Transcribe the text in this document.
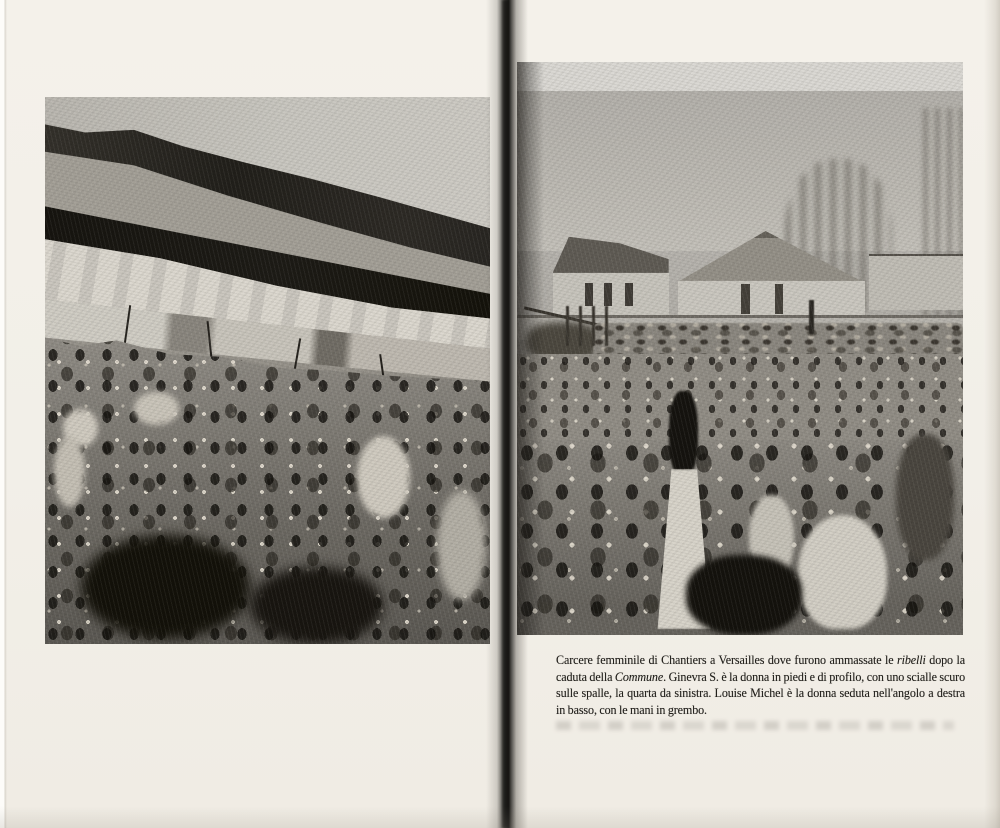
Carcere femminile di Chantiers a Versailles dove furono ammassate le ribelli dopo la caduta della Commune. Ginevra S. è la donna in piedi e di profilo, con uno scialle scuro sulle spalle, la quarta da sinistra. Louise Michel è la donna seduta nell'angolo a destra in basso, con le mani in grembo.
